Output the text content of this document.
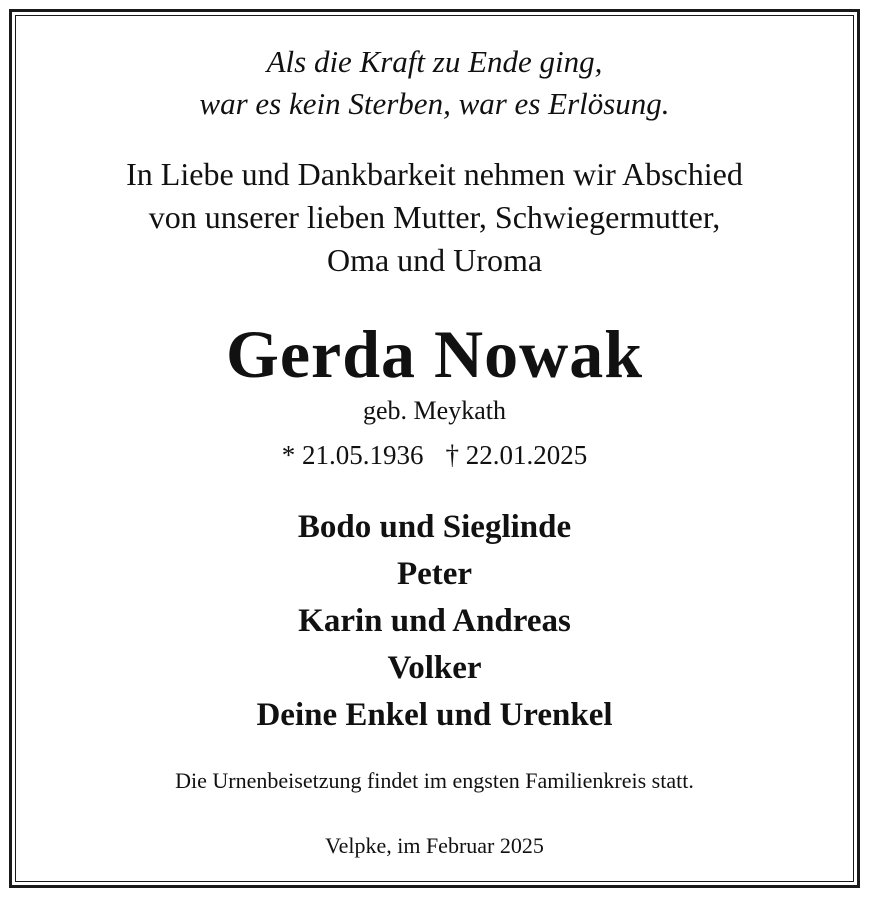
Als die Kraft zu Ende ging,
war es kein Sterben, war es Erlösung.
In Liebe und Dankbarkeit nehmen wir Abschied
von unserer lieben Mutter, Schwiegermutter,
Oma und Uroma
Gerda Nowak
geb. Meykath
* 21.05.1936 † 22.01.2025
Bodo und Sieglinde
Peter
Karin und Andreas
Volker
Deine Enkel und Urenkel
Die Urnenbeisetzung findet im engsten Familienkreis statt.
Velpke, im Februar 2025
